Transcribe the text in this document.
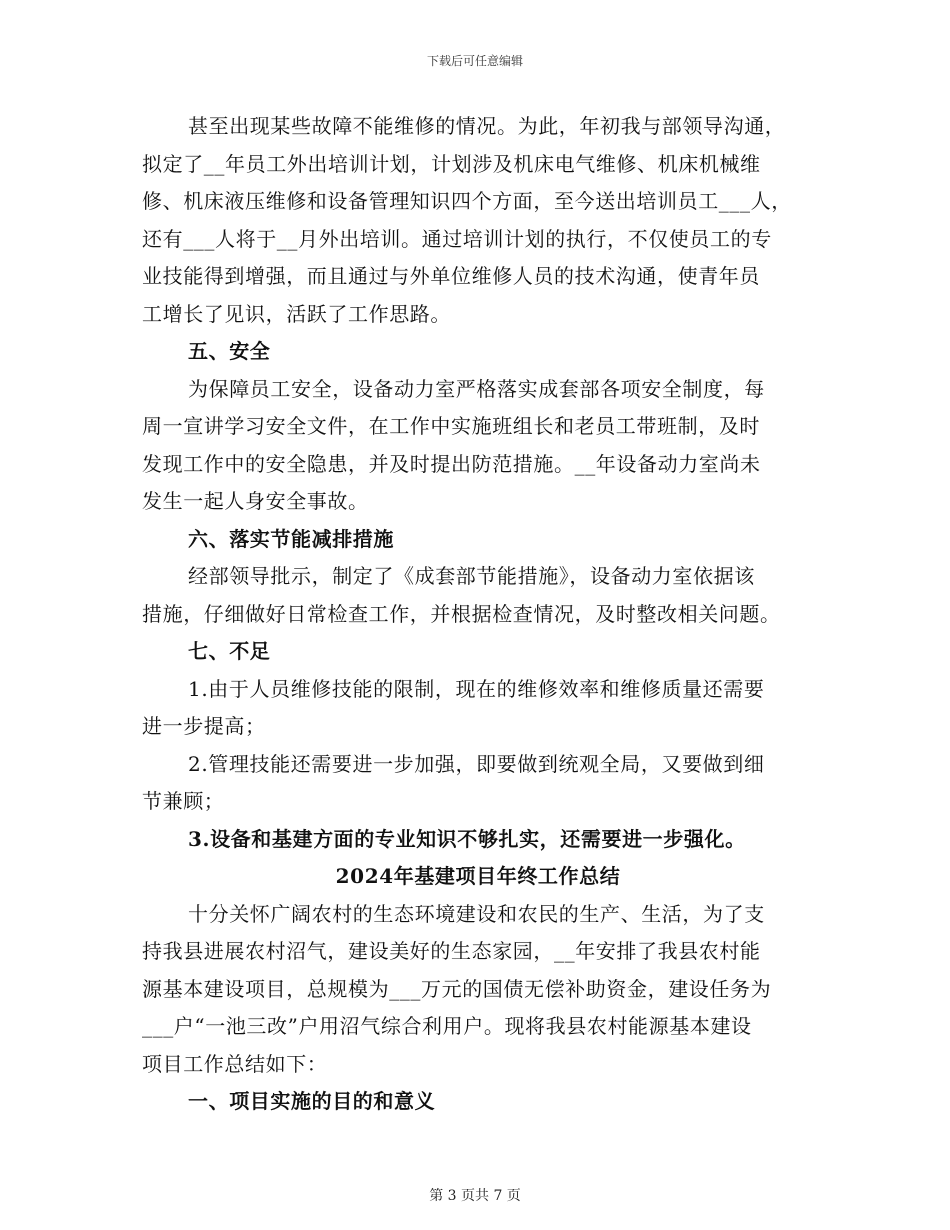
下载后可任意编辑
甚至出现某些故障不能维修的情况。为此，年初我与部领导沟通，
拟定了__年员工外出培训计划，计划涉及机床电气维修、机床机械维
修、机床液压维修和设备管理知识四个方面，至今送出培训员工___人，
还有___人将于__月外出培训。通过培训计划的执行，不仅使员工的专
业技能得到增强，而且通过与外单位维修人员的技术沟通，使青年员
工增长了见识，活跃了工作思路。
五、安全
为保障员工安全，设备动力室严格落实成套部各项安全制度，每
周一宣讲学习安全文件，在工作中实施班组长和老员工带班制，及时
发现工作中的安全隐患，并及时提出防范措施。__年设备动力室尚未
发生一起人身安全事故。
六、落实节能减排措施
经部领导批示，制定了《成套部节能措施》，设备动力室依据该
措施，仔细做好日常检查工作，并根据检查情况，及时整改相关问题。
七、不足
1.由于人员维修技能的限制，现在的维修效率和维修质量还需要
进一步提高；
2.管理技能还需要进一步加强，即要做到统观全局，又要做到细
节兼顾；
3.设备和基建方面的专业知识不够扎实，还需要进一步强化。
2024年基建项目年终工作总结
十分关怀广阔农村的生态环境建设和农民的生产、生活，为了支
持我县进展农村沼气，建设美好的生态家园，__年安排了我县农村能
源基本建设项目，总规模为___万元的国债无偿补助资金，建设任务为
___户“一池三改”户用沼气综合利用户。现将我县农村能源基本建设
项目工作总结如下：
一、项目实施的目的和意义
第 3 页共 7 页
